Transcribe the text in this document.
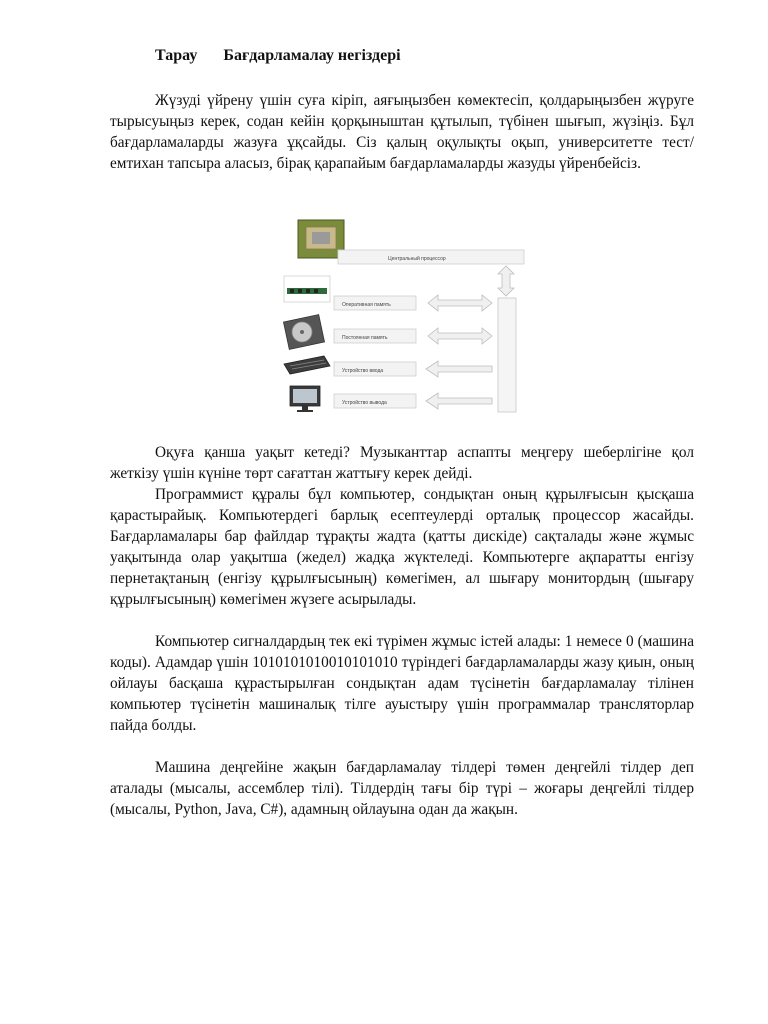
Тарау Бағдарламалау негіздері

Жүзуді үйрену үшін суға кіріп, аяғыңызбен көмектесіп, қолдарыңызбен жүруге тырысуыңыз керек, содан кейін қорқыныштан құтылып, түбінен шығып, жүзіңіз. Бұл бағдарламаларды жазуға ұқсайды. Сіз қалың оқулықты оқып, университетте тест/емтихан тапсыра аласыз, бірақ қарапайым бағдарламаларды жазуды үйренбейсіз.

Центральный процессор
Оперативная память
Постоянная память
Устройство ввода
Устройство вывода

Оқуға қанша уақыт кетеді? Музыканттар аспапты меңгеру шеберлігіне қол жеткізу үшін күніне төрт сағаттан жаттығу керек дейді.

Программист құралы бұл компьютер, сондықтан оның құрылғысын қысқаша қарастырайық. Компьютердегі барлық есептеулерді орталық процессор жасайды. Бағдарламалары бар файлдар тұрақты жадта (қатты дискіде) сақталады және жұмыс уақытында олар уақытша (жедел) жадқа жүктеледі. Компьютерге ақпаратты енгізу пернетақтаның (енгізу құрылғысының) көмегімен, ал шығару монитордың (шығару құрылғысының) көмегімен жүзеге асырылады.

Компьютер сигналдардың тек екі түрімен жұмыс істей алады: 1 немесе 0 (машина коды). Адамдар үшін 1010101010010101010 түріндегі бағдарламаларды жазу қиын, оның ойлауы басқаша құрастырылған сондықтан адам түсінетін бағдарламалау тілінен компьютер түсінетін машиналық тілге ауыстыру үшін программалар трансляторлар пайда болды.

Машина деңгейіне жақын бағдарламалау тілдері төмен деңгейлі тілдер деп аталады (мысалы, ассемблер тілі). Тілдердің тағы бір түрі – жоғары деңгейлі тілдер (мысалы, Python, Java, C#), адамның ойлауына одан да жақын.
